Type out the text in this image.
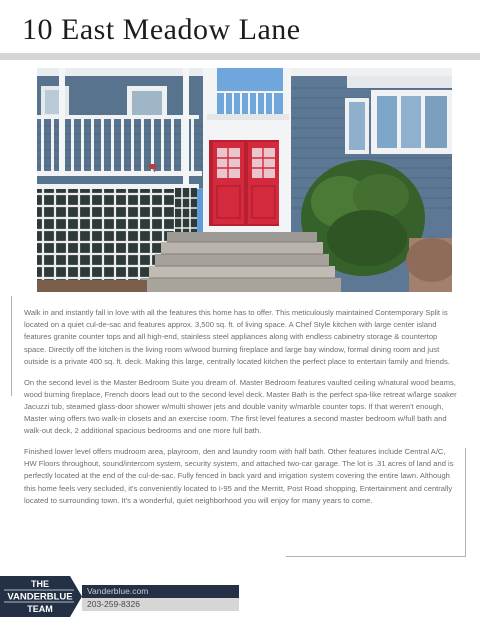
10 East Meadow Lane

Walk in and instantly fall in love with all the features this home has to offer. This meticulously maintained Contemporary Split is located on a quiet cul-de-sac and features approx. 3,500 sq. ft. of living space. A Chef Style kitchen with large center island features granite counter tops and all high-end, stainless steel appliances along with endless cabinetry storage & countertop space. Directly off the kitchen is the living room w/wood burning fireplace and large bay window, formal dining room and just outside is a private 400 sq. ft. deck. Making this large, centrally located kitchen the perfect place to entertain family and friends.

On the second level is the Master Bedroom Suite you dream of. Master Bedroom features vaulted ceiling w/natural wood beams, wood burning fireplace, French doors lead out to the second level deck. Master Bath is the perfect spa-like retreat w/large soaker Jacuzzi tub, steamed glass-door shower w/multi shower jets and double vanity w/marble counter tops. If that weren't enough, Master wing offers two walk-in closets and an exercise room. The first level features a second master bedroom w/full bath and walk-out deck, 2 additional spacious bedrooms and one more full bath.

Finished lower level offers mudroom area, playroom, den and laundry room with half bath. Other features include Central A/C, HW Floors throughout, sound/intercom system, security system, and attached two-car garage. The lot is .31 acres of land and is perfectly located at the end of the cul-de-sac. Fully fenced in back yard and irrigation system covering the entire lawn. Although this home feels very secluded, it's conveniently located to I-95 and the Merritt, Post Road shopping, Entertainment and centrally located to surrounding town. It's a wonderful, quiet neighborhood you will enjoy for many years to come.

THE
VANDERBLUE
TEAM
Vanderblue.com
203-259-8326
